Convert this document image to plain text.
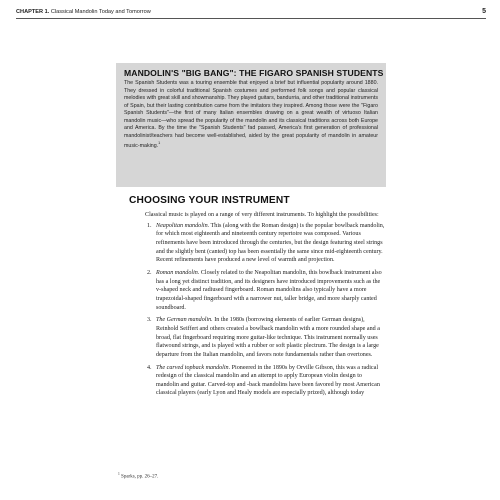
CHAPTER 1. Classical Mandolin Today and Tomorrow	5
MANDOLIN'S "BIG BANG": THE FIGARO SPANISH STUDENTS

The Spanish Students was a touring ensemble that enjoyed a brief but influential popularity around 1880. They dressed in colorful traditional Spanish costumes and performed folk songs and popular classical melodies with great skill and showmanship. They played guitars, bandurria, and other traditional instruments of Spain, but their lasting contribution came from the imitators they inspired. Among those were the "Figaro Spanish Students"—the first of many Italian ensembles drawing on a great wealth of virtuoso Italian mandolin music—who spread the popularity of the mandolin and its classical traditions across both Europe and America. By the time the "Spanish Students" fad passed, America's first generation of professional mandolinist/teachers had become well-established, aided by the great popularity of mandolin in amateur music-making.$^1$

CHOOSING YOUR INSTRUMENT

Classical music is played on a range of very different instruments. To highlight the possibilities:

1. Neapolitan mandolin. This (along with the Roman design) is the popular bowlback mandolin, for which most eighteenth and nineteenth century repertoire was composed. Various refinements have been introduced through the centuries, but the design featuring steel strings and the slightly bent (canted) top has been essentially the same since mid-eighteenth century. Recent refinements have produced a new level of warmth and projection.
2. Roman mandolin. Closely related to the Neapolitan mandolin, this bowlback instrument also has a long yet distinct tradition, and its designers have introduced improvements such as the v-shaped neck and radiused fingerboard. Roman mandolins also typically have a more trapezoidal-shaped fingerboard with a narrower nut, taller bridge, and more sharply canted soundboard.
3. The German mandolin. In the 1980s (borrowing elements of earlier German designs), Reinhold Seiffert and others created a bowlback mandolin with a more rounded shape and a broad, flat fingerboard requiring more guitar-like technique. This instrument normally uses flatwound strings, and is played with a rubber or soft plastic plectrum. The design is a large departure from the Italian mandolin, and favors note fundamentals rather than overtones.
4. The carved topback mandolin. Pioneered in the 1890s by Orville Gibson, this was a radical redesign of the classical mandolin and an attempt to apply European violin design to mandolin and guitar. Carved-top and -back mandolins have been favored by most American classical players (early Lyon and Healy models are especially prized), although today
$^1$ Sparks, pp. 26–27.
